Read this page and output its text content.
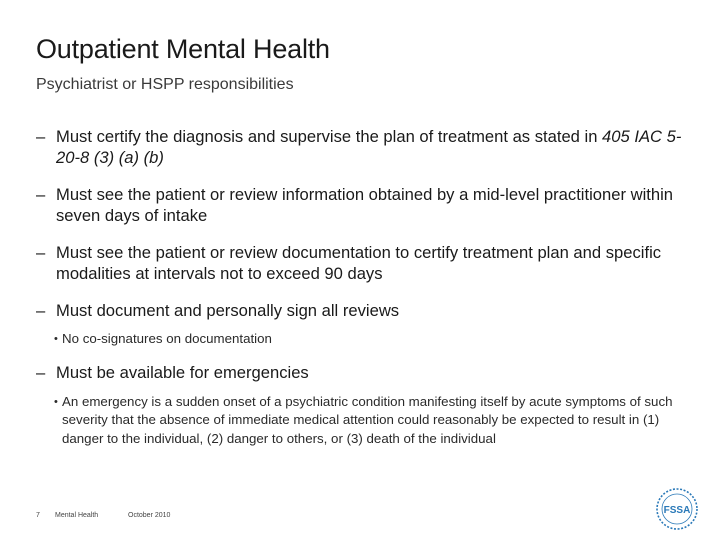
Outpatient Mental Health
Psychiatrist or HSPP responsibilities
– Must certify the diagnosis and supervise the plan of treatment as stated in 405 IAC 5-20-8 (3) (a) (b)
– Must see the patient or review information obtained by a mid-level practitioner within seven days of intake
– Must see the patient or review documentation to certify treatment plan and specific modalities at intervals not to exceed 90 days
– Must document and personally sign all reviews
• No co-signatures on documentation
– Must be available for emergencies
• An emergency is a sudden onset of a psychiatric condition manifesting itself by acute symptoms of such severity that the absence of immediate medical attention could reasonably be expected to result in (1) danger to the individual, (2) danger to others, or (3) death of the individual
7 Mental Health	October 2010	FSSA
